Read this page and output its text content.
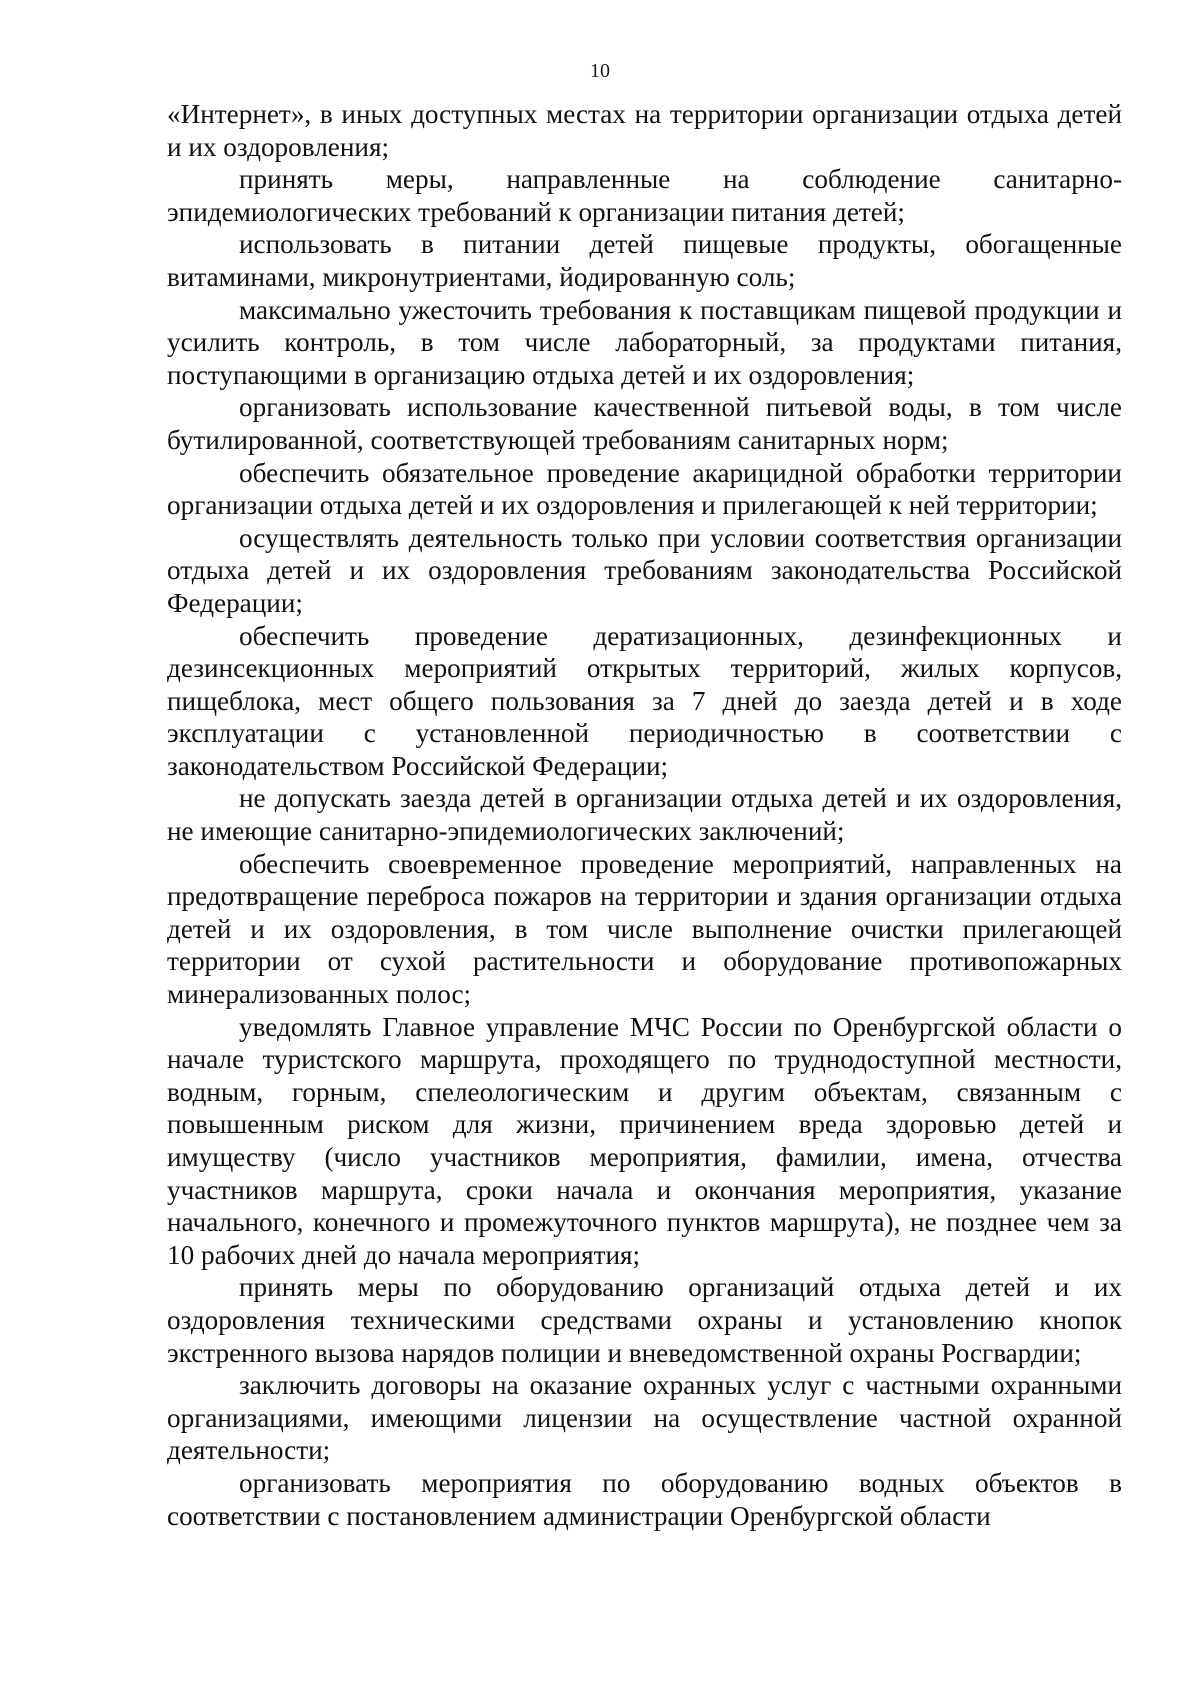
10

«Интернет», в иных доступных местах на территории организации отдыха детей и их оздоровления;

принять меры, направленные на соблюдение санитарно-эпидемиологических требований к организации питания детей;

использовать в питании детей пищевые продукты, обогащенные витаминами, микронутриентами, йодированную соль;

максимально ужесточить требования к поставщикам пищевой продукции и усилить контроль, в том числе лабораторный, за продуктами питания, поступающими в организацию отдыха детей и их оздоровления;

организовать использование качественной питьевой воды, в том числе бутилированной, соответствующей требованиям санитарных норм;

обеспечить обязательное проведение акарицидной обработки территории организации отдыха детей и их оздоровления и прилегающей к ней территории;

осуществлять деятельность только при условии соответствия организации отдыха детей и их оздоровления требованиям законодательства Российской Федерации;

обеспечить проведение дератизационных, дезинфекционных и дезинсекционных мероприятий открытых территорий, жилых корпусов, пищеблока, мест общего пользования за 7 дней до заезда детей и в ходе эксплуатации с установленной периодичностью в соответствии с законодательством Российской Федерации;

не допускать заезда детей в организации отдыха детей и их оздоровления, не имеющие санитарно-эпидемиологических заключений;

обеспечить своевременное проведение мероприятий, направленных на предотвращение переброса пожаров на территории и здания организации отдыха детей и их оздоровления, в том числе выполнение очистки прилегающей территории от сухой растительности и оборудование противопожарных минерализованных полос;

уведомлять Главное управление МЧС России по Оренбургской области о начале туристского маршрута, проходящего по труднодоступной местности, водным, горным, спелеологическим и другим объектам, связанным с повышенным риском для жизни, причинением вреда здоровью детей и имуществу (число участников мероприятия, фамилии, имена, отчества участников маршрута, сроки начала и окончания мероприятия, указание начального, конечного и промежуточного пунктов маршрута), не позднее чем за 10 рабочих дней до начала мероприятия;

принять меры по оборудованию организаций отдыха детей и их оздоровления техническими средствами охраны и установлению кнопок экстренного вызова нарядов полиции и вневедомственной охраны Росгвардии;

заключить договоры на оказание охранных услуг с частными охранными организациями, имеющими лицензии на осуществление частной охранной деятельности;

организовать мероприятия по оборудованию водных объектов в соответствии с постановлением администрации Оренбургской области
